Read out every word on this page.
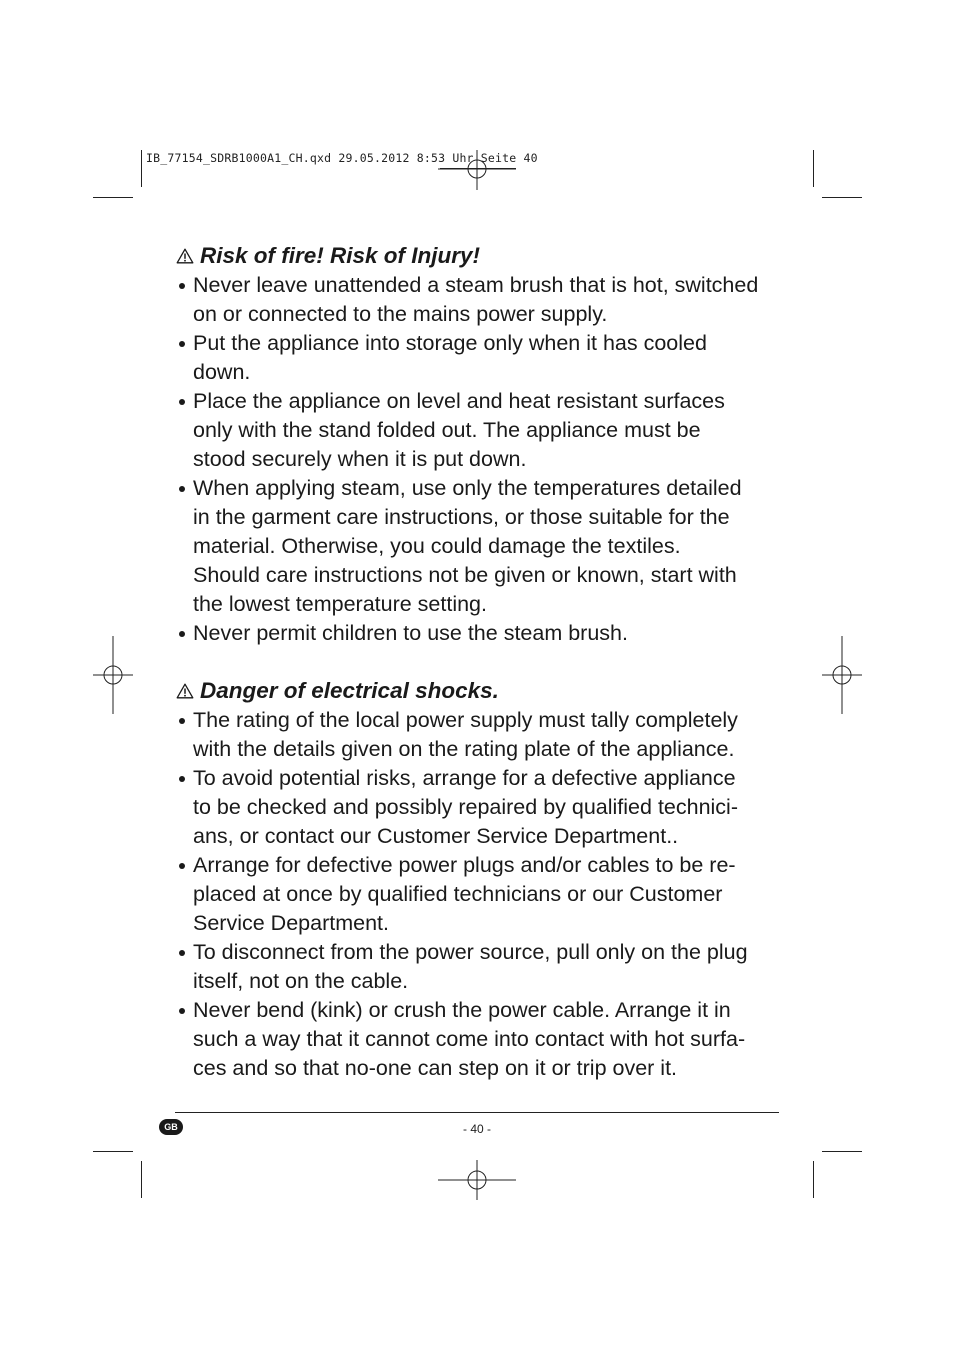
IB_77154_SDRB1000A1_CH.qxd 29.05.2012 8:53 Uhr Seite 40
Risk of fire! Risk of Injury!
Never leave unattended a steam brush that is hot, switched
on or connected to the mains power supply.
Put the appliance into storage only when it has cooled
down.
Place the appliance on level and heat resistant surfaces
only with the stand folded out. The appliance must be
stood securely when it is put down.
When applying steam, use only the temperatures detailed
in the garment care instructions, or those suitable for the
material. Otherwise, you could damage the textiles.
Should care instructions not be given or known, start with
the lowest temperature setting.
Never permit children to use the steam brush.
Danger of electrical shocks.
The rating of the local power supply must tally completely
with the details given on the rating plate of the appliance.
To avoid potential risks, arrange for a defective appliance
to be checked and possibly repaired by qualified technici-
ans, or contact our Customer Service Department..
Arrange for defective power plugs and/or cables to be re-
placed at once by qualified technicians or our Customer
Service Department.
To disconnect from the power source, pull only on the plug
itself, not on the cable.
Never bend (kink) or crush the power cable. Arrange it in
such a way that it cannot come into contact with hot surfa-
ces and so that no-one can step on it or trip over it.
GB	- 40 -
